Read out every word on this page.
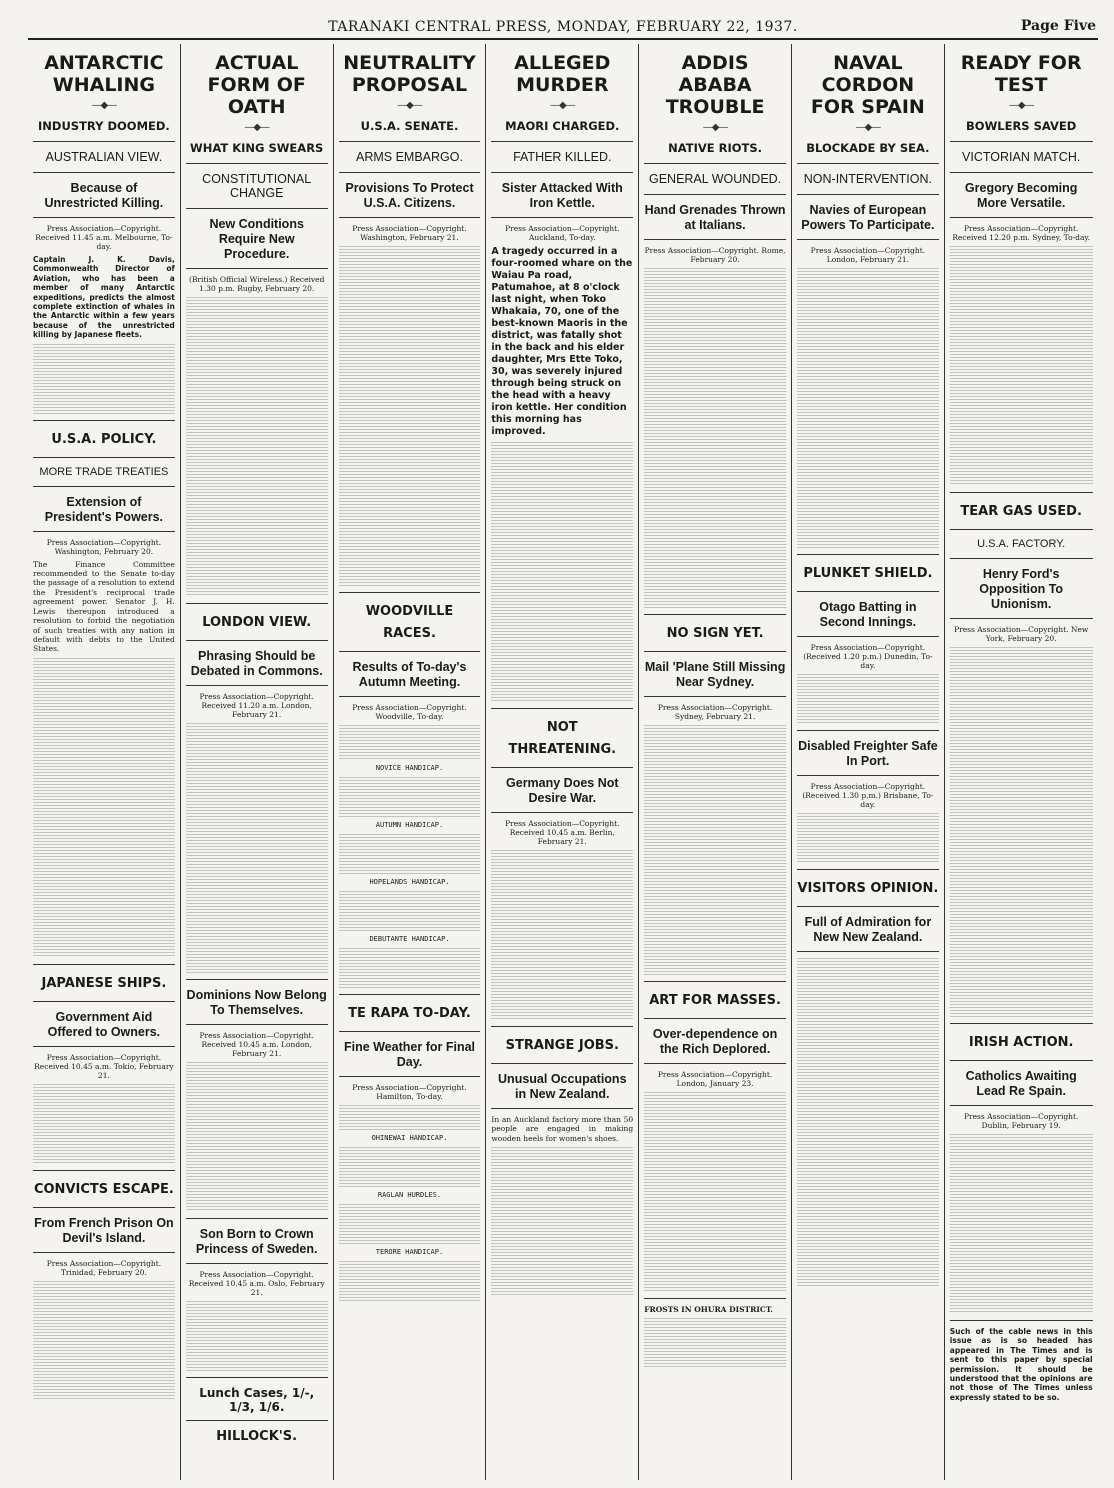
TARANAKI CENTRAL PRESS, MONDAY, FEBRUARY 22, 1937.	Page Five
ANTARCTIC WHALING
—◆—
INDUSTRY DOOMED.
AUSTRALIAN VIEW.
Because of Unrestricted Killing.
Press Association—Copyright. Received 11.45 a.m. Melbourne, To-day.
Captain J. K. Davis, Commonwealth Director of Aviation, who has been a member of many Antarctic expeditions, predicts the almost complete extinction of whales in the Antarctic within a few years because of the unrestricted killing by Japanese fleets.
U.S.A. POLICY.
MORE TRADE TREATIES
Extension of President's Powers.
Press Association—Copyright. Washington, February 20.
The Finance Committee recommended to the Senate to-day the passage of a resolution to extend the President's reciprocal trade agreement power. Senator J. H. Lewis thereupon introduced a resolution to forbid the negotiation of such treaties with any nation in default with debts to the United States.
JAPANESE SHIPS.
Government Aid Offered to Owners.
Press Association—Copyright. Received 10.45 a.m. Tokio, February 21.
CONVICTS ESCAPE.
From French Prison On Devil's Island.
Press Association—Copyright. Trinidad, February 20.
ACTUAL FORM OF OATH
—◆—
WHAT KING SWEARS
CONSTITUTIONAL CHANGE
New Conditions Require New Procedure.
(British Official Wireless.) Received 1.30 p.m. Rugby, February 20.
LONDON VIEW.
Phrasing Should be Debated in Commons.
Press Association—Copyright. Received 11.20 a.m. London, February 21.
Dominions Now Belong To Themselves.
Press Association—Copyright. Received 10.45 a.m. London, February 21.
Son Born to Crown Princess of Sweden.
Press Association—Copyright. Received 10.45 a.m. Oslo, February 21.
Lunch Cases, 1/-, 1/3, 1/6.
HILLOCK'S.
NEUTRALITY PROPOSAL
—◆—
U.S.A. SENATE.
ARMS EMBARGO.
Provisions To Protect U.S.A. Citizens.
Press Association—Copyright. Washington, February 21.
WOODVILLE RACES.
Results of To-day's Autumn Meeting.
Press Association—Copyright. Woodville, To-day.
NOVICE HANDICAP.
AUTUMN HANDICAP.
HOPELANDS HANDICAP.
DEBUTANTE HANDICAP.
TE RAPA TO-DAY.
Fine Weather for Final Day.
Press Association—Copyright. Hamilton, To-day.
OHINEWAI HANDICAP.
RAGLAN HURDLES.
TERORE HANDICAP.
ALLEGED MURDER
—◆—
MAORI CHARGED.
FATHER KILLED.
Sister Attacked With Iron Kettle.
Press Association—Copyright. Auckland, To-day.
A tragedy occurred in a four-roomed whare on the Waiau Pa road, Patumahoe, at 8 o'clock last night, when Toko Whakaia, 70, one of the best-known Maoris in the district, was fatally shot in the back and his elder daughter, Mrs Ette Toko, 30, was severely injured through being struck on the head with a heavy iron kettle. Her condition this morning has improved.
NOT THREATENING.
Germany Does Not Desire War.
Press Association—Copyright. Received 10.45 a.m. Berlin, February 21.
STRANGE JOBS.
Unusual Occupations in New Zealand.
In an Auckland factory more than 50 people are engaged in making wooden heels for women's shoes.
ADDIS ABABA TROUBLE
—◆—
NATIVE RIOTS.
GENERAL WOUNDED.
Hand Grenades Thrown at Italians.
Press Association—Copyright. Rome, February 20.
NO SIGN YET.
Mail 'Plane Still Missing Near Sydney.
Press Association—Copyright. Sydney, February 21.
ART FOR MASSES.
Over-dependence on the Rich Deplored.
Press Association—Copyright. London, January 23.
FROSTS IN OHURA DISTRICT.
NAVAL CORDON FOR SPAIN
—◆—
BLOCKADE BY SEA.
NON-INTERVENTION.
Navies of European Powers To Participate.
Press Association—Copyright. London, February 21.
PLUNKET SHIELD.
Otago Batting in Second Innings.
Press Association—Copyright. (Received 1.20 p.m.) Dunedin, To-day.
Disabled Freighter Safe In Port.
Press Association—Copyright. (Received 1.30 p.m.) Brisbane, To-day.
VISITORS OPINION.
Full of Admiration for New New Zealand.
READY FOR TEST
—◆—
BOWLERS SAVED
VICTORIAN MATCH.
Gregory Becoming More Versatile.
Press Association—Copyright. Received 12.20 p.m. Sydney, To-day.
TEAR GAS USED.
U.S.A. FACTORY.
Henry Ford's Opposition To Unionism.
Press Association—Copyright. New York, February 20.
IRISH ACTION.
Catholics Awaiting Lead Re Spain.
Press Association—Copyright. Dublin, February 19.
Such of the cable news in this issue as is so headed has appeared in The Times and is sent to this paper by special permission. It should be understood that the opinions are not those of The Times unless expressly stated to be so.
